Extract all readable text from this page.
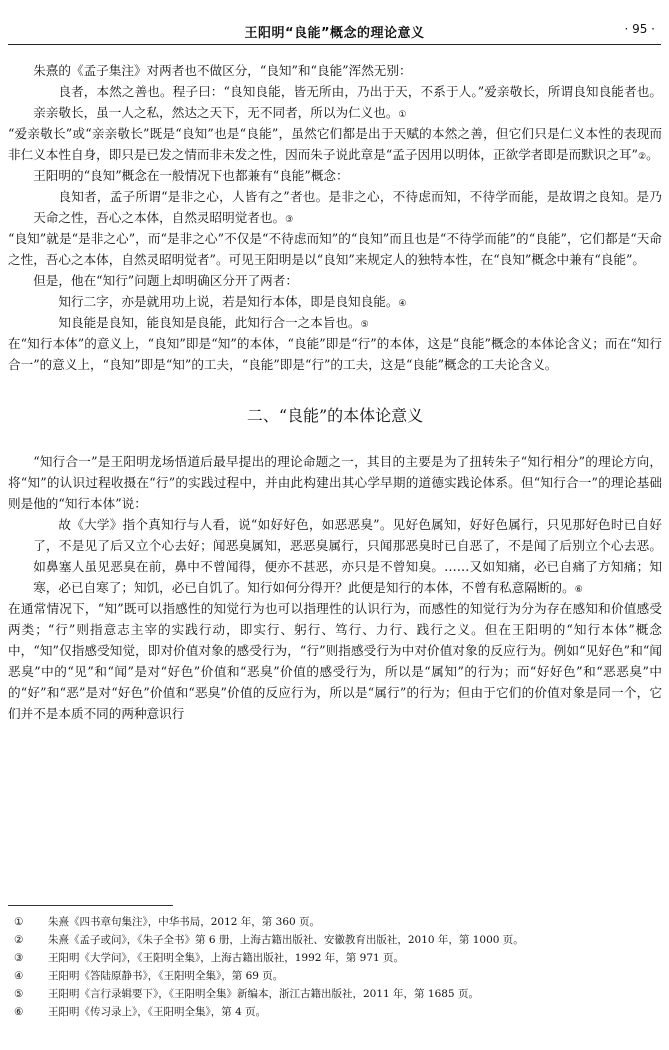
王阳明“良能”概念的理论意义	· 95 ·

朱熹的《孟子集注》对两者也不做区分，“良知”和“良能”浑然无别：

良者，本然之善也。程子曰：“良知良能，皆无所由，乃出于天，不系于人。”爱亲敬长，所谓良知良能者也。亲亲敬长，虽一人之私，然达之天下，无不同者，所以为仁义也。①

“爱亲敬长”或“亲亲敬长”既是“良知”也是“良能”，虽然它们都是出于天赋的本然之善，但它们只是仁义本性的表现而非仁义本性自身，即只是已发之情而非未发之性，因而朱子说此章是“孟子因用以明体，正欲学者即是而默识之耳”②。

王阳明的“良知”概念在一般情况下也都兼有“良能”概念：

良知者，孟子所谓“是非之心，人皆有之”者也。是非之心，不待虑而知，不待学而能，是故谓之良知。是乃天命之性，吾心之本体，自然灵昭明觉者也。③

“良知”就是“是非之心”，而“是非之心”不仅是“不待虑而知”的“良知”而且也是“不待学而能”的“良能”，它们都是“天命之性，吾心之本体，自然灵昭明觉者”。可见王阳明是以“良知”来规定人的独特本性，在“良知”概念中兼有“良能”。

但是，他在“知行”问题上却明确区分开了两者：

知行二字，亦是就用功上说，若是知行本体，即是良知良能。④

知良能是良知，能良知是良能，此知行合一之本旨也。⑤

在“知行本体”的意义上，“良知”即是“知”的本体，“良能”即是“行”的本体，这是“良能”概念的本体论含义；而在“知行合一”的意义上，“良知”即是“知”的工夫，“良能”即是“行”的工夫，这是“良能”概念的工夫论含义。

二、“良能”的本体论意义

“知行合一”是王阳明龙场悟道后最早提出的理论命题之一，其目的主要是为了扭转朱子“知行相分”的理论方向，将“知”的认识过程收摄在“行”的实践过程中，并由此构建出其心学早期的道德实践论体系。但“知行合一”的理论基础则是他的“知行本体”说：

故《大学》指个真知行与人看，说“如好好色，如恶恶臭”。见好色属知，好好色属行，只见那好色时已自好了，不是见了后又立个心去好；闻恶臭属知，恶恶臭属行，只闻那恶臭时已自恶了，不是闻了后别立个心去恶。如鼻塞人虽见恶臭在前，鼻中不曾闻得，便亦不甚恶，亦只是不曾知臭。……又如知痛，必已自痛了方知痛；知寒，必已自寒了；知饥，必已自饥了。知行如何分得开？此便是知行的本体，不曾有私意隔断的。⑥

在通常情况下，“知”既可以指感性的知觉行为也可以指理性的认识行为，而感性的知觉行为分为存在感知和价值感受两类；“行”则指意志主宰的实践行动，即实行、躬行、笃行、力行、践行之义。但在王阳明的“知行本体”概念中，“知”仅指感受知觉，即对价值对象的感受行为，“行”则指感受行为中对价值对象的反应行为。例如“见好色”和“闻恶臭”中的“见”和“闻”是对“好色”价值和“恶臭”价值的感受行为，所以是“属知”的行为；而“好好色”和“恶恶臭”中的“好”和“恶”是对“好色”价值和“恶臭”价值的反应行为，所以是“属行”的行为；但由于它们的价值对象是同一个，它们并不是本质不同的两种意识行

①	朱熹《四书章句集注》，中华书局，2012 年，第 360 页。
②	朱熹《孟子或问》，《朱子全书》第 6 册，上海古籍出版社、安徽教育出版社，2010 年，第 1000 页。
③	王阳明《大学问》，《王阳明全集》，上海古籍出版社，1992 年，第 971 页。
④	王阳明《答陆原静书》，《王阳明全集》，第 69 页。
⑤	王阳明《言行录辑要下》，《王阳明全集》新编本，浙江古籍出版社，2011 年，第 1685 页。
⑥	王阳明《传习录上》，《王阳明全集》，第 4 页。
